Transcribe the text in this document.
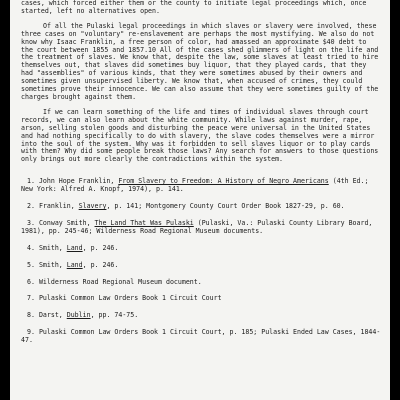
cases, which forced either them or the county to initiate legal proceedings which, once started, left no alternatives open.

Of all the Pulaski legal proceedings in which slaves or slavery were involved, these three cases on "voluntary" re-enslavement are perhaps the most mystifying. We also do not know why Isaac Franklin, a free person of color, had amassed an approximate $40 debt to the court between 1855 and 1857.10 All of the cases shed glimmers of light on the life and the treatment of slaves. We know that, despite the law, some slaves at least tried to hire themselves out, that slaves did sometimes buy liquor, that they played cards, that they had "assemblies" of various kinds, that they were sometimes abused by their owners and sometimes given unsupervised liberty. We know that, when accused of crimes, they could sometimes prove their innocence. We can also assume that they were sometimes guilty of the charges brought against them.

If we can learn something of the life and times of individual slaves through court records, we can also learn about the white community. While laws against murder, rape, arson, selling stolen goods and disturbing the peace were universal in the United States and had nothing specifically to do with slavery, the slave codes themselves were a mirror into the soul of the system. Why was it forbidden to sell slaves liquor or to play cards with them? Why did some people break those laws? Any search for answers to those questions only brings out more clearly the contradictions within the system.

1. John Hope Franklin, From Slavery to Freedom: A History of Negro Americans (4th Ed.; New York: Alfred A. Knopf, 1974), p. 141.

2. Franklin, Slavery, p. 141; Montgomery County Court Order Book 1827-29, p. 60.

3. Conway Smith, The Land That Was Pulaski (Pulaski, Va.: Pulaski County Library Board, 1981), pp. 245-46; Wilderness Road Regional Museum documents.

4. Smith, Land, p. 246.

5. Smith, Land, p. 246.

6. Wilderness Road Regional Museum document.

7. Pulaski Common Law Orders Book 1 Circuit Court

8. Darst, Dublin, pp. 74-75.

9. Pulaski Common Law Orders Book 1 Circuit Court, p. 185; Pulaski Ended Law Cases, 1844-47.
